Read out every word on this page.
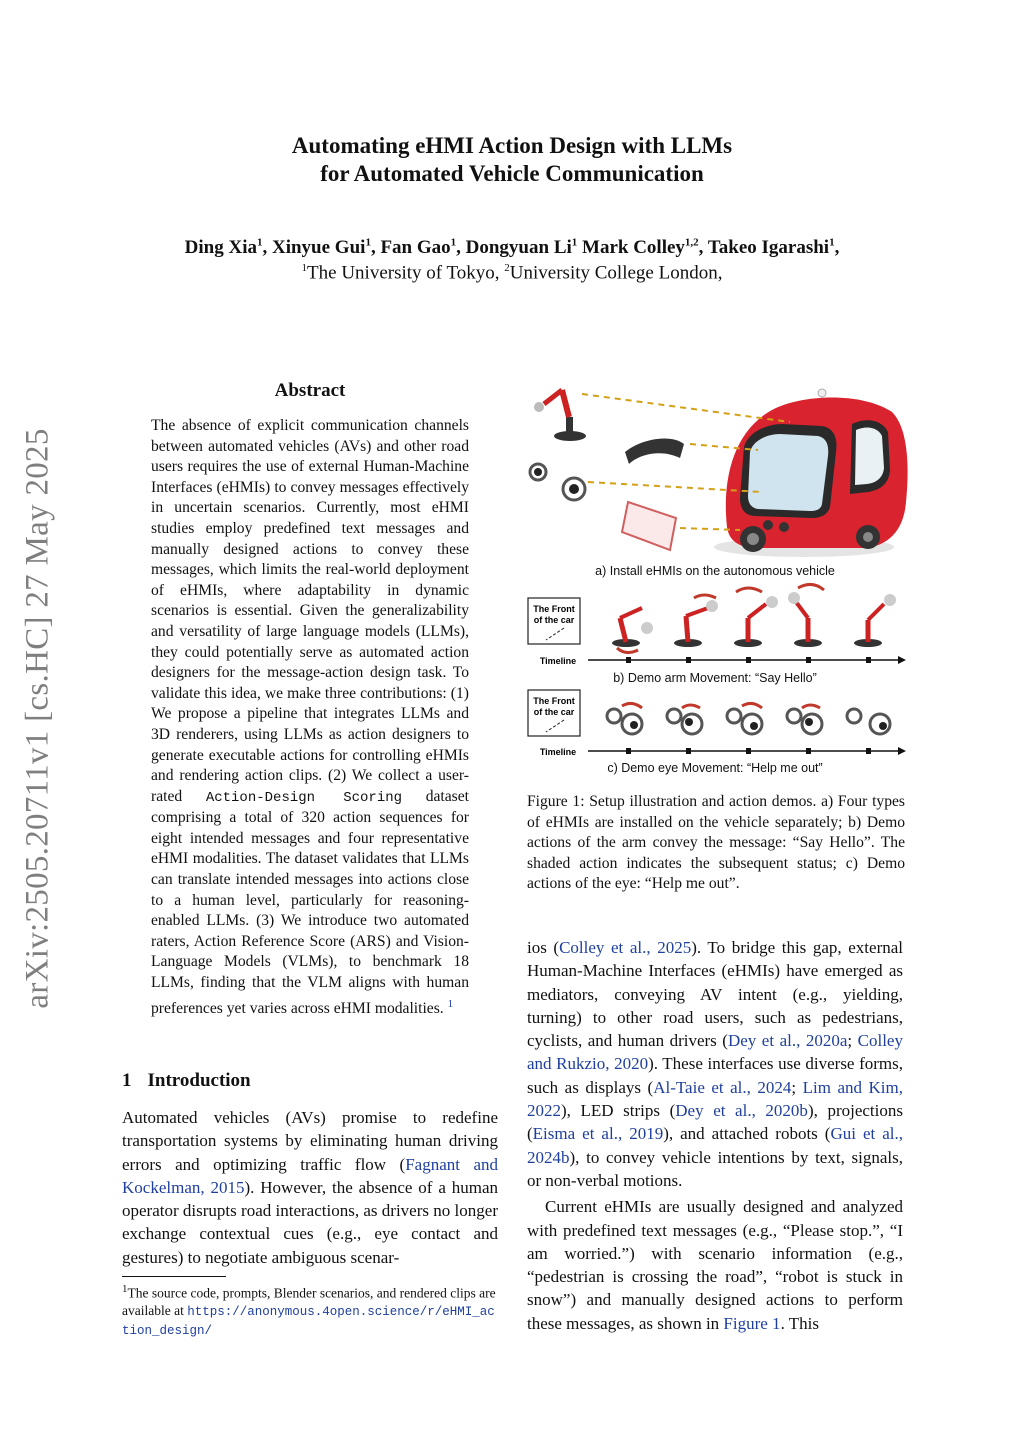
Automating eHMI Action Design with LLMs
for Automated Vehicle Communication
Ding Xia$^1$, Xinyue Gui$^1$, Fan Gao$^1$, Dongyuan Li$^1$ Mark Colley$^{1,2}$, Takeo Igarashi$^1$,
$^1$The University of Tokyo, $^2$University College London,
arXiv:2505.20711v1 [cs.HC] 27 May 2025
Abstract
The absence of explicit communication channels between automated vehicles (AVs) and other road users requires the use of external Human-Machine Interfaces (eHMIs) to convey messages effectively in uncertain scenarios. Currently, most eHMI studies employ predefined text messages and manually designed actions to convey these messages, which limits the real-world deployment of eHMIs, where adaptability in dynamic scenarios is essential. Given the generalizability and versatility of large language models (LLMs), they could potentially serve as automated action designers for the message-action design task. To validate this idea, we make three contributions: (1) We propose a pipeline that integrates LLMs and 3D renderers, using LLMs as action designers to generate executable actions for controlling eHMIs and rendering action clips. (2) We collect a user-rated Action-Design Scoring dataset comprising a total of 320 action sequences for eight intended messages and four representative eHMI modalities. The dataset validates that LLMs can translate intended messages into actions close to a human level, particularly for reasoning-enabled LLMs. (3) We introduce two automated raters, Action Reference Score (ARS) and Vision-Language Models (VLMs), to benchmark 18 LLMs, finding that the VLM aligns with human preferences yet varies across eHMI modalities. $^1$
1 Introduction

Automated vehicles (AVs) promise to redefine transportation systems by eliminating human driving errors and optimizing traffic flow (Fagnant and Kockelman, 2015). However, the absence of a human operator disrupts road interactions, as drivers no longer exchange contextual cues (e.g., eye contact and gestures) to negotiate ambiguous scenar-

$^1$The source code, prompts, Blender scenarios, and rendered clips are available at https://anonymous.4open.science/r/eHMI_action_design/
a) Install eHMIs on the autonomous vehicle
The Front
of the car
Timeline
b) Demo arm Movement: “Say Hello”
The Front
of the car
Timeline
c) Demo eye Movement: “Help me out”
Figure 1: Setup illustration and action demos. a) Four types of eHMIs are installed on the vehicle separately; b) Demo actions of the arm convey the message: “Say Hello”. The shaded action indicates the subsequent status; c) Demo actions of the eye: “Help me out”.

ios (Colley et al., 2025). To bridge this gap, external Human-Machine Interfaces (eHMIs) have emerged as mediators, conveying AV intent (e.g., yielding, turning) to other road users, such as pedestrians, cyclists, and human drivers (Dey et al., 2020a; Colley and Rukzio, 2020). These interfaces use diverse forms, such as displays (Al-Taie et al., 2024; Lim and Kim, 2022), LED strips (Dey et al., 2020b), projections (Eisma et al., 2019), and attached robots (Gui et al., 2024b), to convey vehicle intentions by text, signals, or non-verbal motions.

Current eHMIs are usually designed and analyzed with predefined text messages (e.g., “Please stop.”, “I am worried.”) with scenario information (e.g., “pedestrian is crossing the road”, “robot is stuck in snow”) and manually designed actions to perform these messages, as shown in Figure 1. This
